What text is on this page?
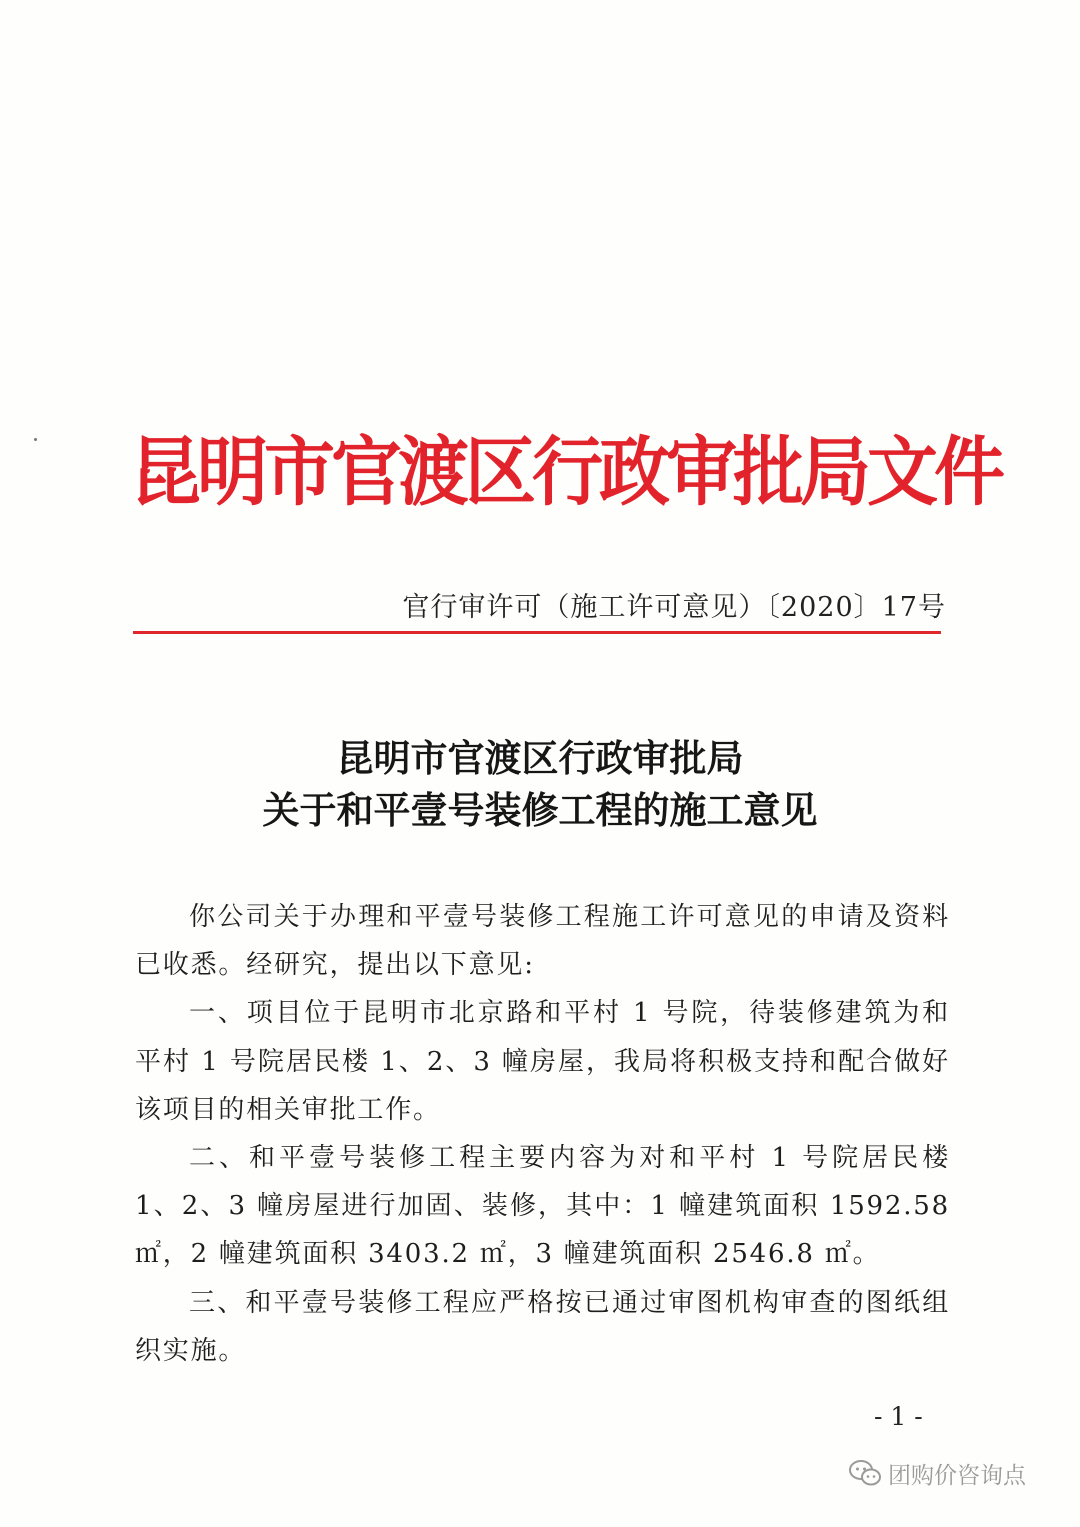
昆明市官渡区行政审批局文件
官行审许可（施工许可意见）〔2020〕17号
昆明市官渡区行政审批局
关于和平壹号装修工程的施工意见

你公司关于办理和平壹号装修工程施工许可意见的申请及资料已收悉。经研究，提出以下意见:

一、项目位于昆明市北京路和平村 1 号院，待装修建筑为和平村 1 号院居民楼 1、2、3 幢房屋，我局将积极支持和配合做好该项目的相关审批工作。

二、和平壹号装修工程主要内容为对和平村 1 号院居民楼 1、2、3 幢房屋进行加固、装修，其中：1 幢建筑面积 1592.58 ㎡，2 幢建筑面积 3403.2 ㎡，3 幢建筑面积 2546.8 ㎡。

三、和平壹号装修工程应严格按已通过审图机构审查的图纸组织实施。

- 1 -
团购价咨询点
